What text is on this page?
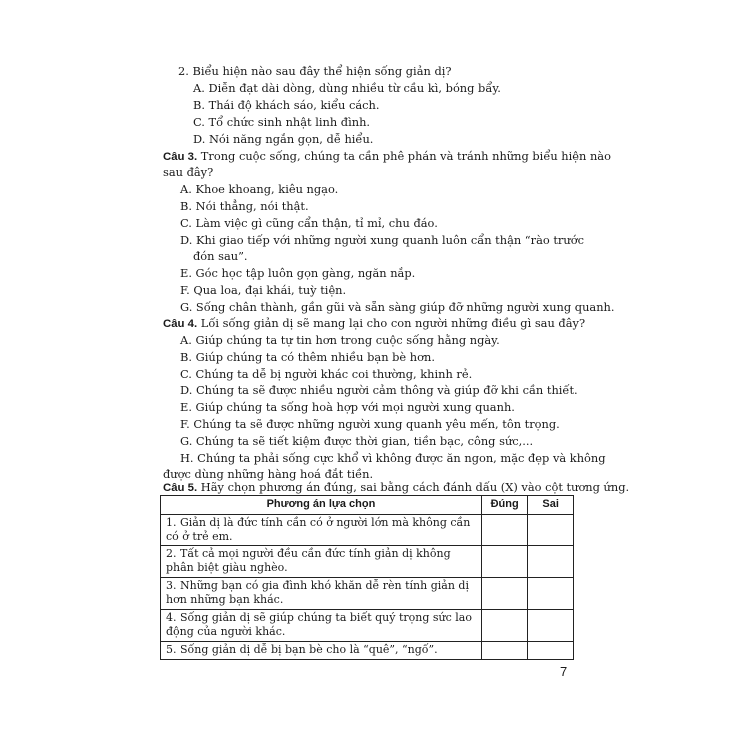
2. Biểu hiện nào sau đây thể hiện sống giản dị?
A. Diễn đạt dài dòng, dùng nhiều từ cầu kì, bóng bẩy.
B. Thái độ khách sáo, kiểu cách.
C. Tổ chức sinh nhật linh đình.
D. Nói năng ngắn gọn, dễ hiểu.
Câu 3. Trong cuộc sống, chúng ta cần phê phán và tránh những biểu hiện nào
sau đây?
A. Khoe khoang, kiêu ngạo.
B. Nói thẳng, nói thật.
C. Làm việc gì cũng cẩn thận, tỉ mỉ, chu đáo.
D. Khi giao tiếp với những người xung quanh luôn cẩn thận “rào trước
đón sau”.
E. Góc học tập luôn gọn gàng, ngăn nắp.
F. Qua loa, đại khái, tuỳ tiện.
G. Sống chân thành, gần gũi và sẵn sàng giúp đỡ những người xung quanh.
Câu 4. Lối sống giản dị sẽ mang lại cho con người những điều gì sau đây?
A. Giúp chúng ta tự tin hơn trong cuộc sống hằng ngày.
B. Giúp chúng ta có thêm nhiều bạn bè hơn.
C. Chúng ta dễ bị người khác coi thường, khinh rẻ.
D. Chúng ta sẽ được nhiều người cảm thông và giúp đỡ khi cần thiết.
E. Giúp chúng ta sống hoà hợp với mọi người xung quanh.
F. Chúng ta sẽ được những người xung quanh yêu mến, tôn trọng.
G. Chúng ta sẽ tiết kiệm được thời gian, tiền bạc, công sức,...
H. Chúng ta phải sống cực khổ vì không được ăn ngon, mặc đẹp và không
được dùng những hàng hoá đắt tiền.
Câu 5. Hãy chọn phương án đúng, sai bằng cách đánh dấu (X) vào cột tương ứng.
Phương án lựa chọn	Đúng	Sai
1. Giản dị là đức tính cần có ở người lớn mà không cần có ở trẻ em.		
2. Tất cả mọi người đều cần đức tính giản dị không phân biệt giàu nghèo.		
3. Những bạn có gia đình khó khăn dễ rèn tính giản dị hơn những bạn khác.		
4. Sống giản dị sẽ giúp chúng ta biết quý trọng sức lao động của người khác.		
5. Sống giản dị dễ bị bạn bè cho là “quê”, “ngố”.		
7
